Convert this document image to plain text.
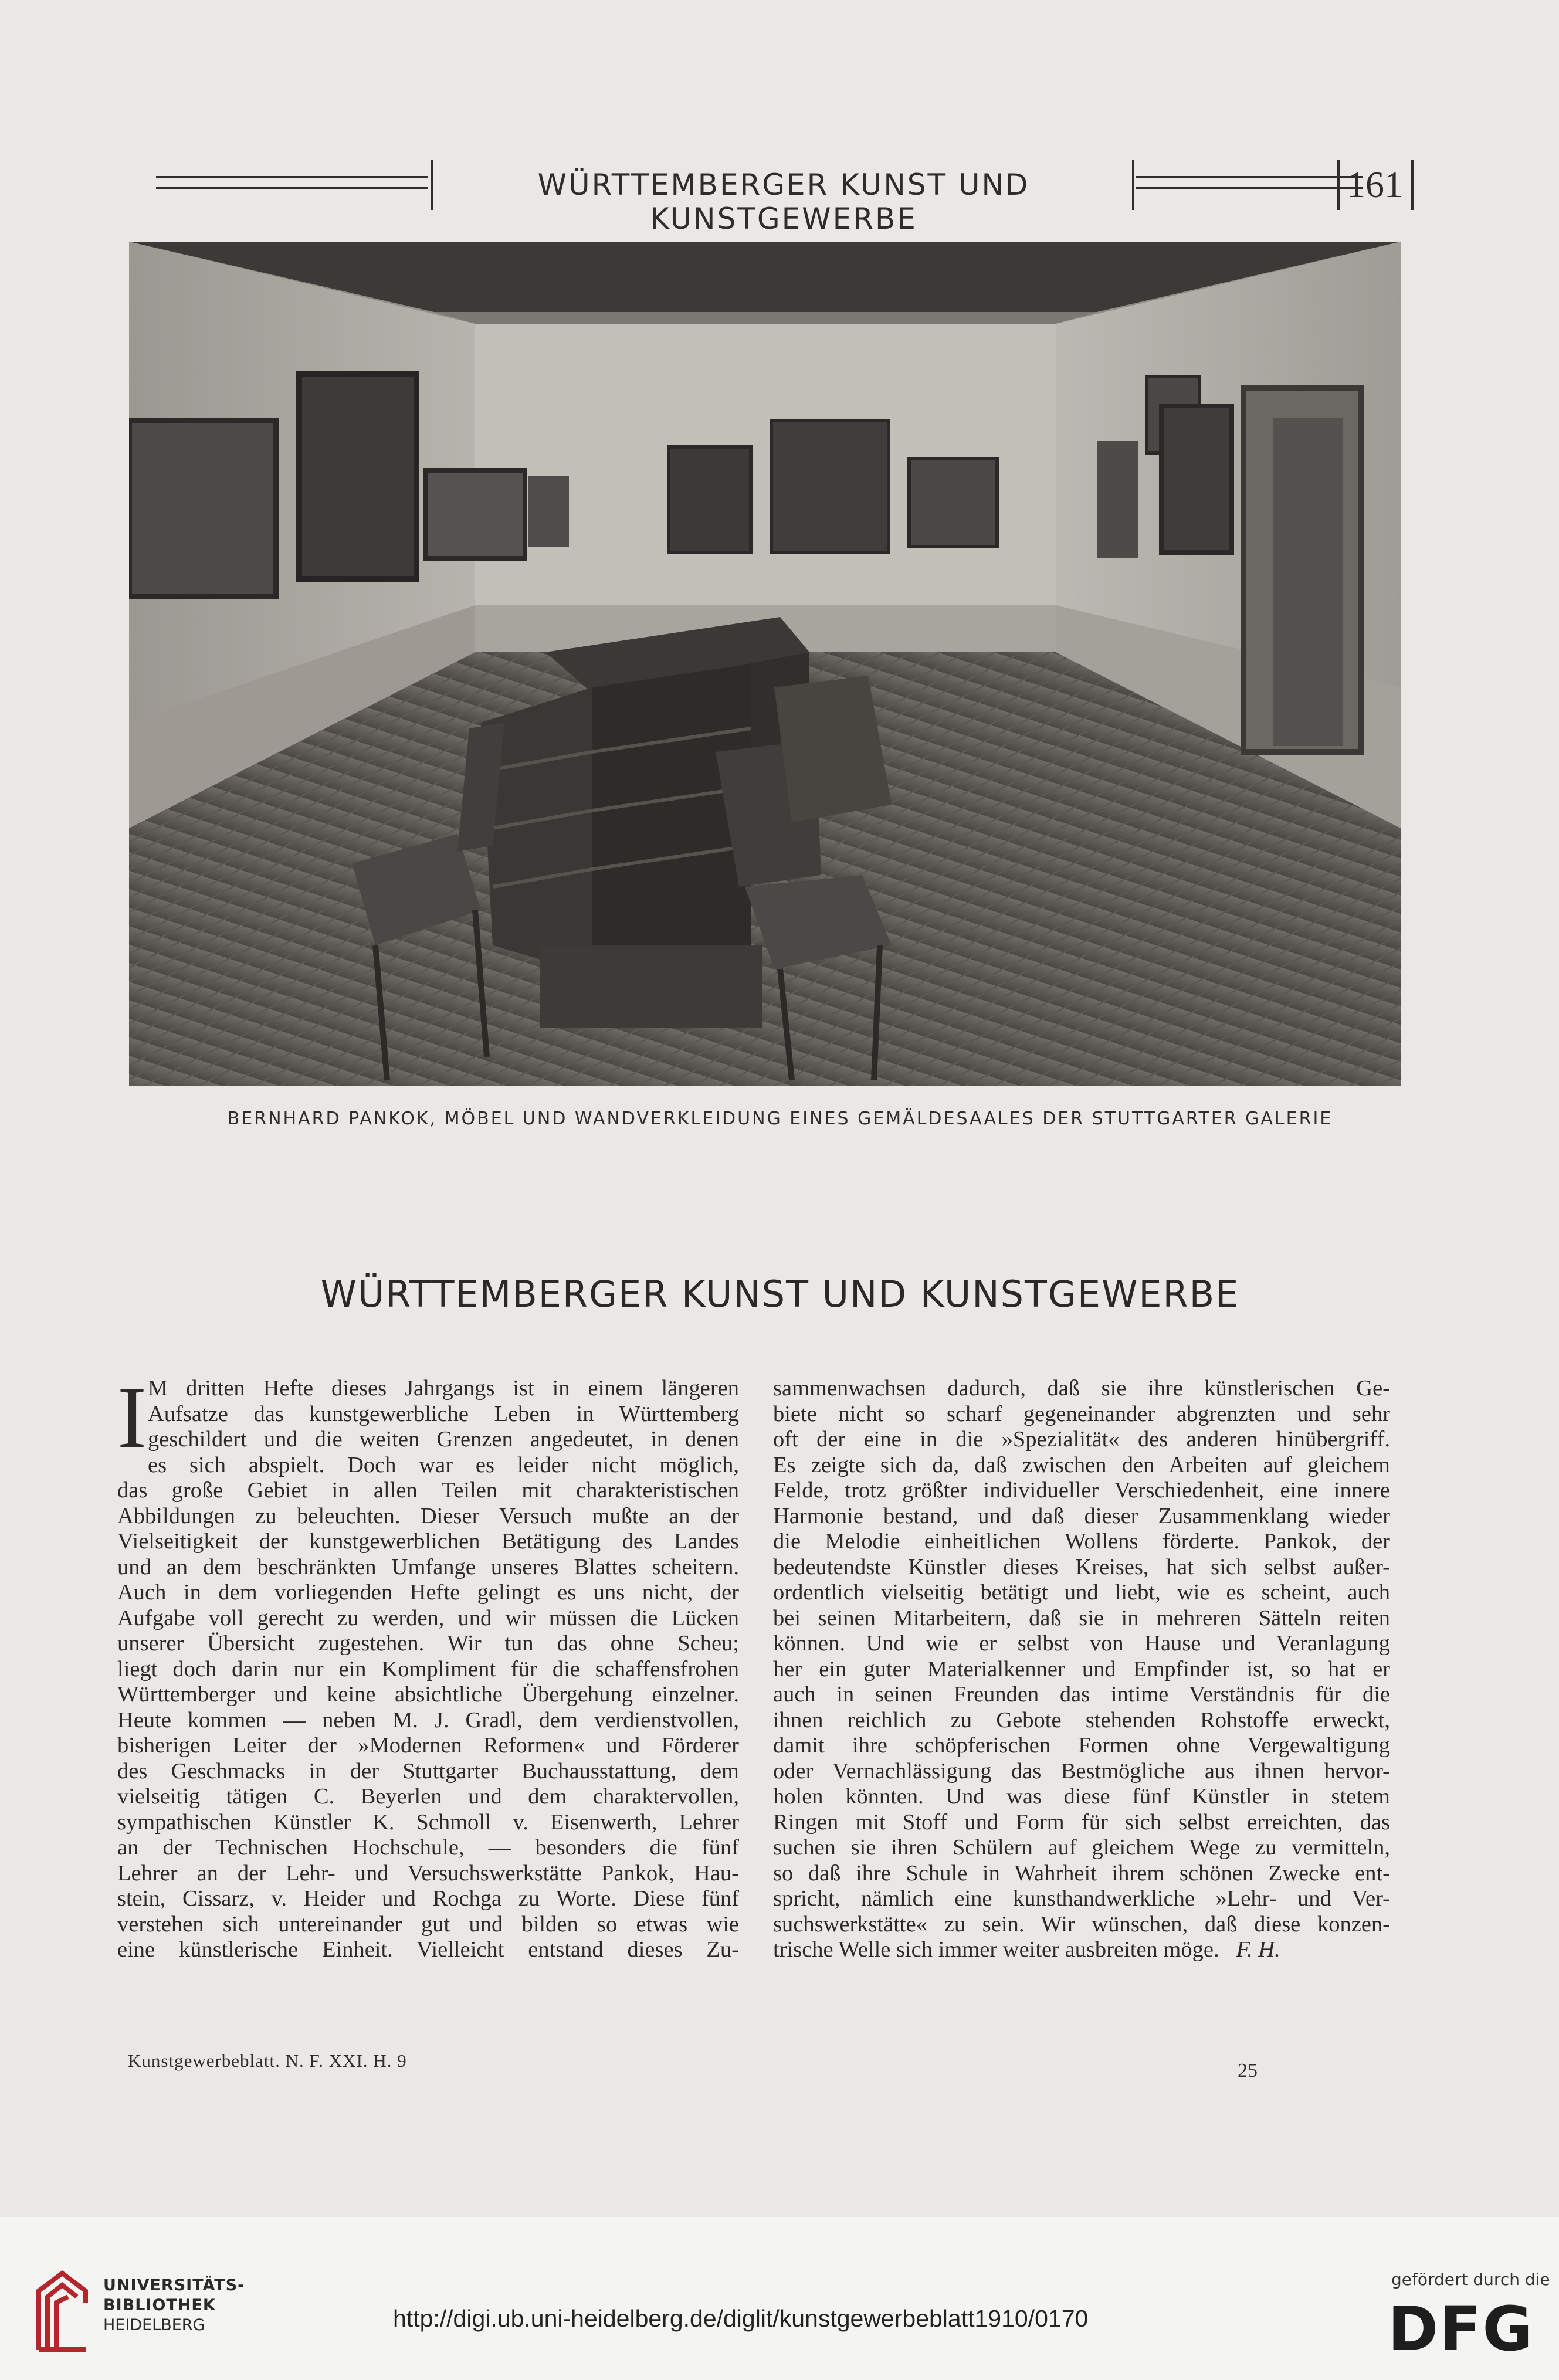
WÜRTTEMBERGER KUNST UND KUNSTGEWERBE
161
BERNHARD PANKOK, MÖBEL UND WANDVERKLEIDUNG EINES GEMÄLDESAALES DER STUTTGARTER GALERIE
WÜRTTEMBERGER KUNST UND KUNSTGEWERBE
I M dritten Hefte dieses Jahrgangs ist in einem längeren
Aufsatze das kunstgewerbliche Leben in Württemberg
geschildert und die weiten Grenzen angedeutet, in denen
es sich abspielt. Doch war es leider nicht möglich,
das große Gebiet in allen Teilen mit charakteristischen
Abbildungen zu beleuchten. Dieser Versuch mußte an der
Vielseitigkeit der kunstgewerblichen Betätigung des Landes
und an dem beschränkten Umfange unseres Blattes scheitern.
Auch in dem vorliegenden Hefte gelingt es uns nicht, der
Aufgabe voll gerecht zu werden, und wir müssen die Lücken
unserer Übersicht zugestehen. Wir tun das ohne Scheu;
liegt doch darin nur ein Kompliment für die schaffensfrohen
Württemberger und keine absichtliche Übergehung einzelner.
Heute kommen — neben M. J. Gradl, dem verdienstvollen,
bisherigen Leiter der »Modernen Reformen« und Förderer
des Geschmacks in der Stuttgarter Buchausstattung, dem
vielseitig tätigen C. Beyerlen und dem charaktervollen,
sympathischen Künstler K. Schmoll v. Eisenwerth, Lehrer
an der Technischen Hochschule, — besonders die fünf
Lehrer an der Lehr- und Versuchswerkstätte Pankok, Hau-
stein, Cissarz, v. Heider und Rochga zu Worte. Diese fünf
verstehen sich untereinander gut und bilden so etwas wie
eine künstlerische Einheit. Vielleicht entstand dieses Zu-
sammenwachsen dadurch, daß sie ihre künstlerischen Ge-
biete nicht so scharf gegeneinander abgrenzten und sehr
oft der eine in die »Spezialität« des anderen hinübergriff.
Es zeigte sich da, daß zwischen den Arbeiten auf gleichem
Felde, trotz größter individueller Verschiedenheit, eine innere
Harmonie bestand, und daß dieser Zusammenklang wieder
die Melodie einheitlichen Wollens förderte. Pankok, der
bedeutendste Künstler dieses Kreises, hat sich selbst außer-
ordentlich vielseitig betätigt und liebt, wie es scheint, auch
bei seinen Mitarbeitern, daß sie in mehreren Sätteln reiten
können. Und wie er selbst von Hause und Veranlagung
her ein guter Materialkenner und Empfinder ist, so hat er
auch in seinen Freunden das intime Verständnis für die
ihnen reichlich zu Gebote stehenden Rohstoffe erweckt,
damit ihre schöpferischen Formen ohne Vergewaltigung
oder Vernachlässigung das Bestmögliche aus ihnen hervor-
holen könnten. Und was diese fünf Künstler in stetem
Ringen mit Stoff und Form für sich selbst erreichten, das
suchen sie ihren Schülern auf gleichem Wege zu vermitteln,
so daß ihre Schule in Wahrheit ihrem schönen Zwecke ent-
spricht, nämlich eine kunsthandwerkliche »Lehr- und Ver-
suchswerkstätte« zu sein. Wir wünschen, daß diese konzen-
trische Welle sich immer weiter ausbreiten möge. F. H.
Kunstgewerbeblatt. N. F. XXI. H. 9	25
UNIVERSITÄTS-
BIBLIOTHEK
HEIDELBERG	http://digi.ub.uni-heidelberg.de/diglit/kunstgewerbeblatt1910/0170
gefördert durch die
DFG
